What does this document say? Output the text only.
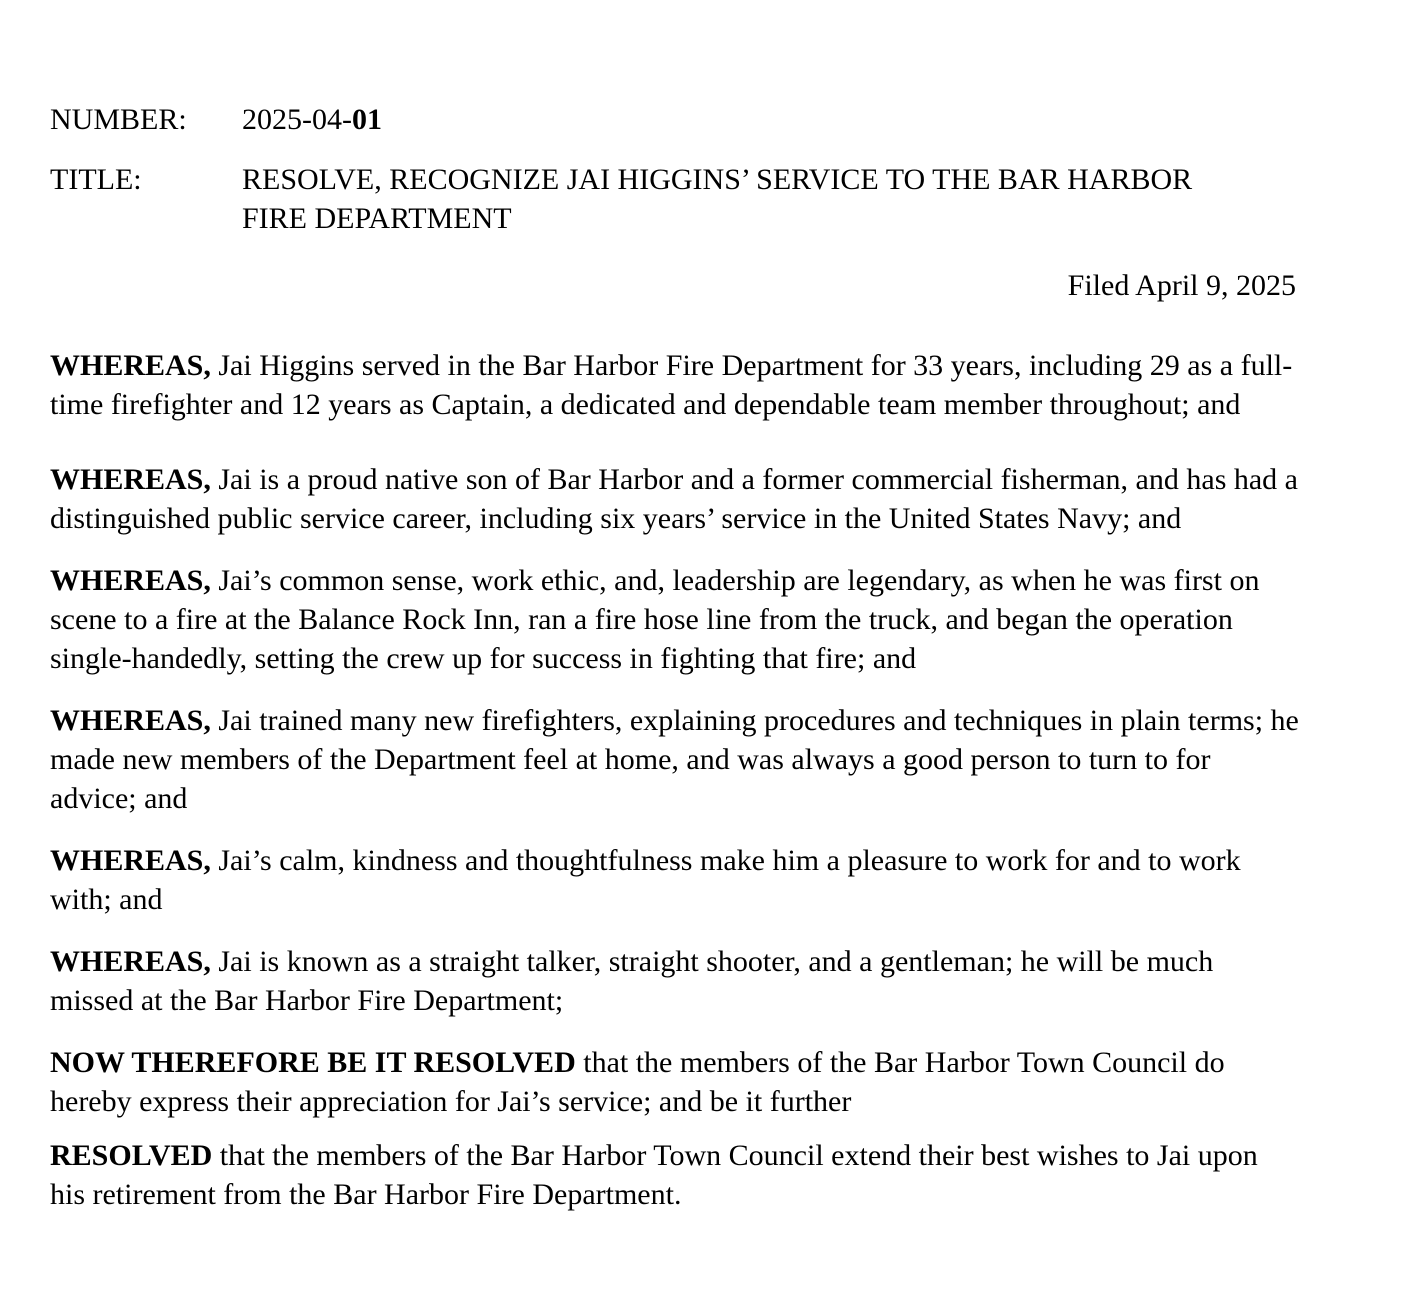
NUMBER:	2025-04-01
TITLE:	RESOLVE, RECOGNIZE JAI HIGGINS’ SERVICE TO THE BAR HARBOR
FIRE DEPARTMENT
Filed April 9, 2025

WHEREAS, Jai Higgins served in the Bar Harbor Fire Department for 33 years, including 29 as a full-time firefighter and 12 years as Captain, a dedicated and dependable team member throughout; and

WHEREAS, Jai is a proud native son of Bar Harbor and a former commercial fisherman, and has had a distinguished public service career, including six years’ service in the United States Navy; and

WHEREAS, Jai’s common sense, work ethic, and, leadership are legendary, as when he was first on scene to a fire at the Balance Rock Inn, ran a fire hose line from the truck, and began the operation single-handedly, setting the crew up for success in fighting that fire; and

WHEREAS, Jai trained many new firefighters, explaining procedures and techniques in plain terms; he made new members of the Department feel at home, and was always a good person to turn to for advice; and

WHEREAS, Jai’s calm, kindness and thoughtfulness make him a pleasure to work for and to work with; and

WHEREAS, Jai is known as a straight talker, straight shooter, and a gentleman; he will be much missed at the Bar Harbor Fire Department;

NOW THEREFORE BE IT RESOLVED that the members of the Bar Harbor Town Council do hereby express their appreciation for Jai’s service; and be it further

RESOLVED that the members of the Bar Harbor Town Council extend their best wishes to Jai upon his retirement from the Bar Harbor Fire Department.
